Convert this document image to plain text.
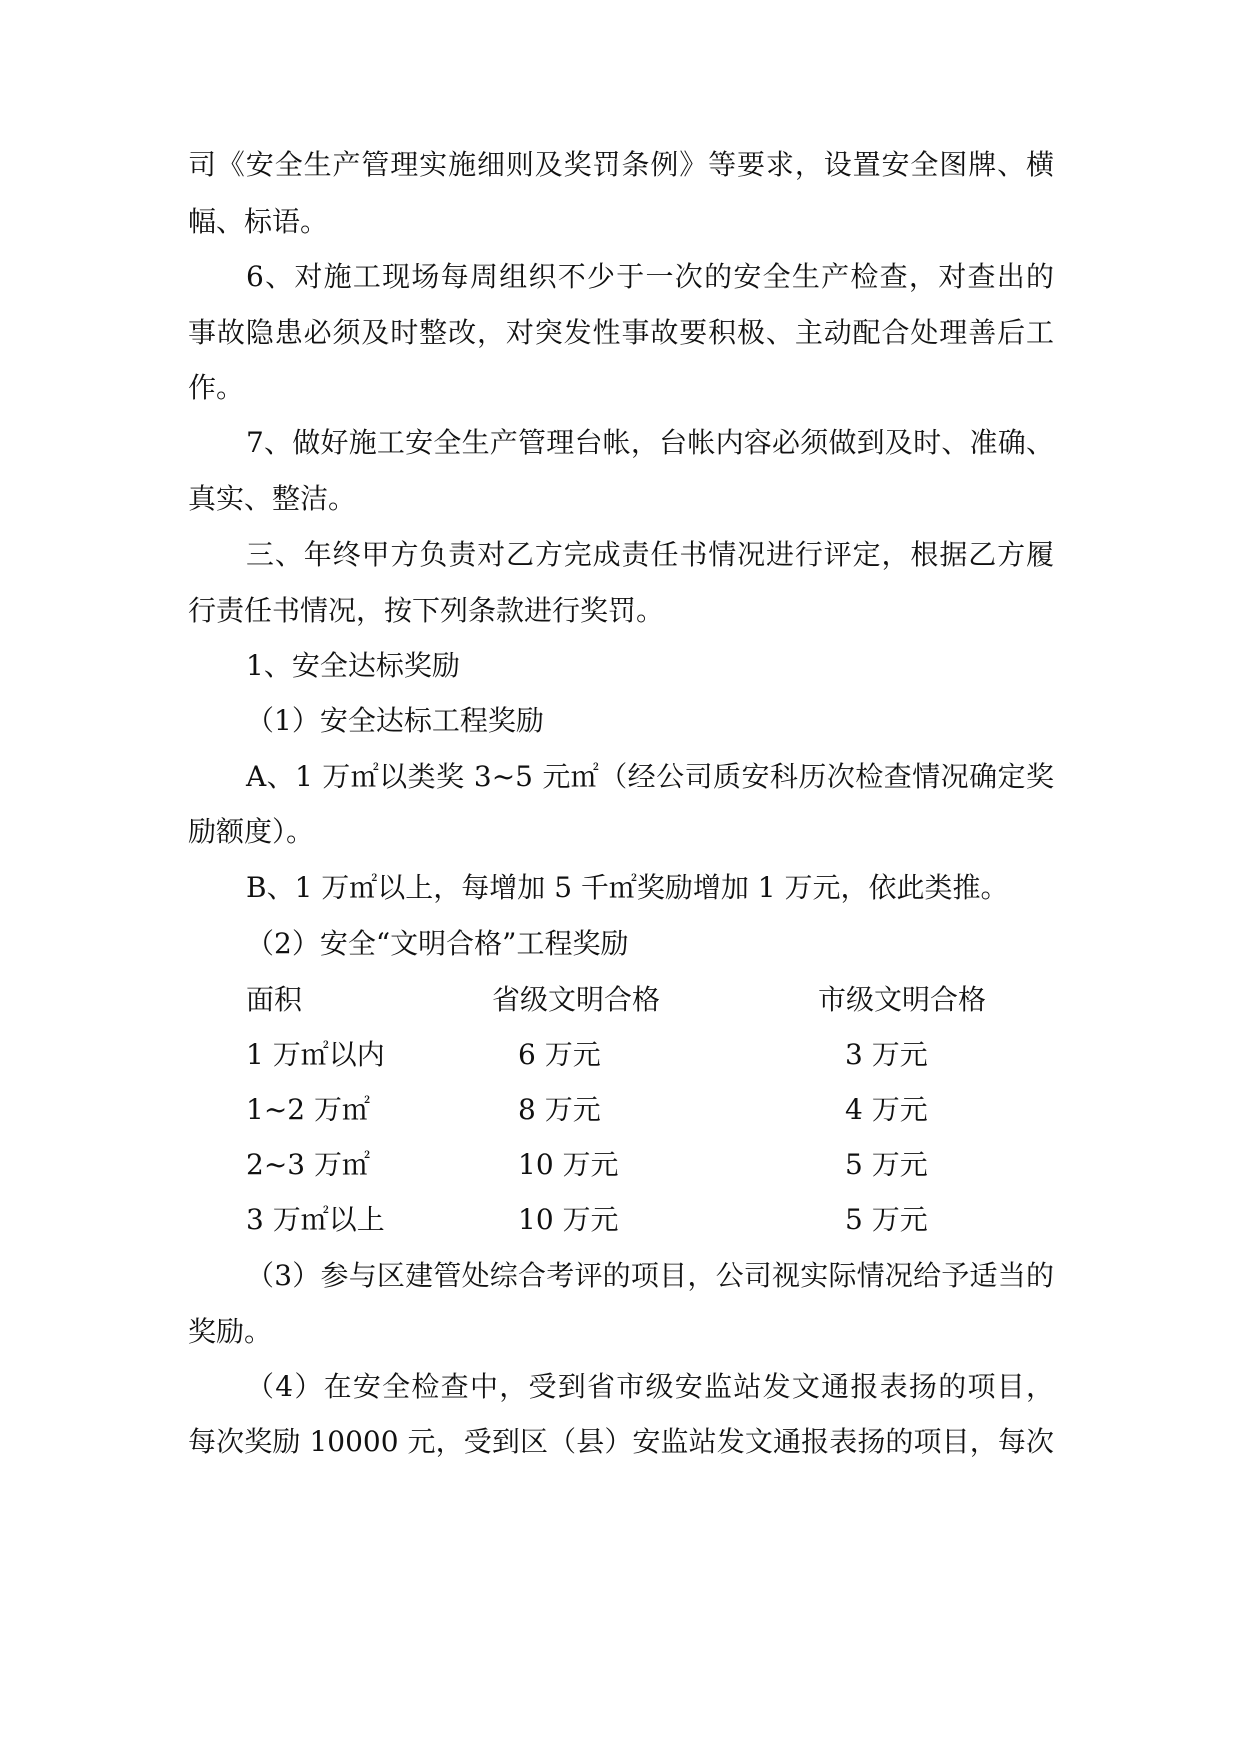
司《安全生产管理实施细则及奖罚条例》等要求，设置安全图牌、横
幅、标语。
6、对施工现场每周组织不少于一次的安全生产检查，对查出的
事故隐患必须及时整改，对突发性事故要积极、主动配合处理善后工
作。
7、做好施工安全生产管理台帐，台帐内容必须做到及时、准确、
真实、整洁。
三、年终甲方负责对乙方完成责任书情况进行评定，根据乙方履
行责任书情况，按下列条款进行奖罚。
1、安全达标奖励
（1）安全达标工程奖励
A、1 万㎡以类奖 3~5 元㎡（经公司质安科历次检查情况确定奖
励额度）。
B、1 万㎡以上，每增加 5 千㎡奖励增加 1 万元，依此类推。
（2）安全“文明合格”工程奖励
面积	省级文明合格	市级文明合格
1 万㎡以内	6 万元	3 万元
1~2 万㎡	8 万元	4 万元
2~3 万㎡	10 万元	5 万元
3 万㎡以上	10 万元	5 万元
（3）参与区建管处综合考评的项目，公司视实际情况给予适当的
奖励。
（4）在安全检查中，受到省市级安监站发文通报表扬的项目，
每次奖励 10000 元，受到区（县）安监站发文通报表扬的项目，每次
